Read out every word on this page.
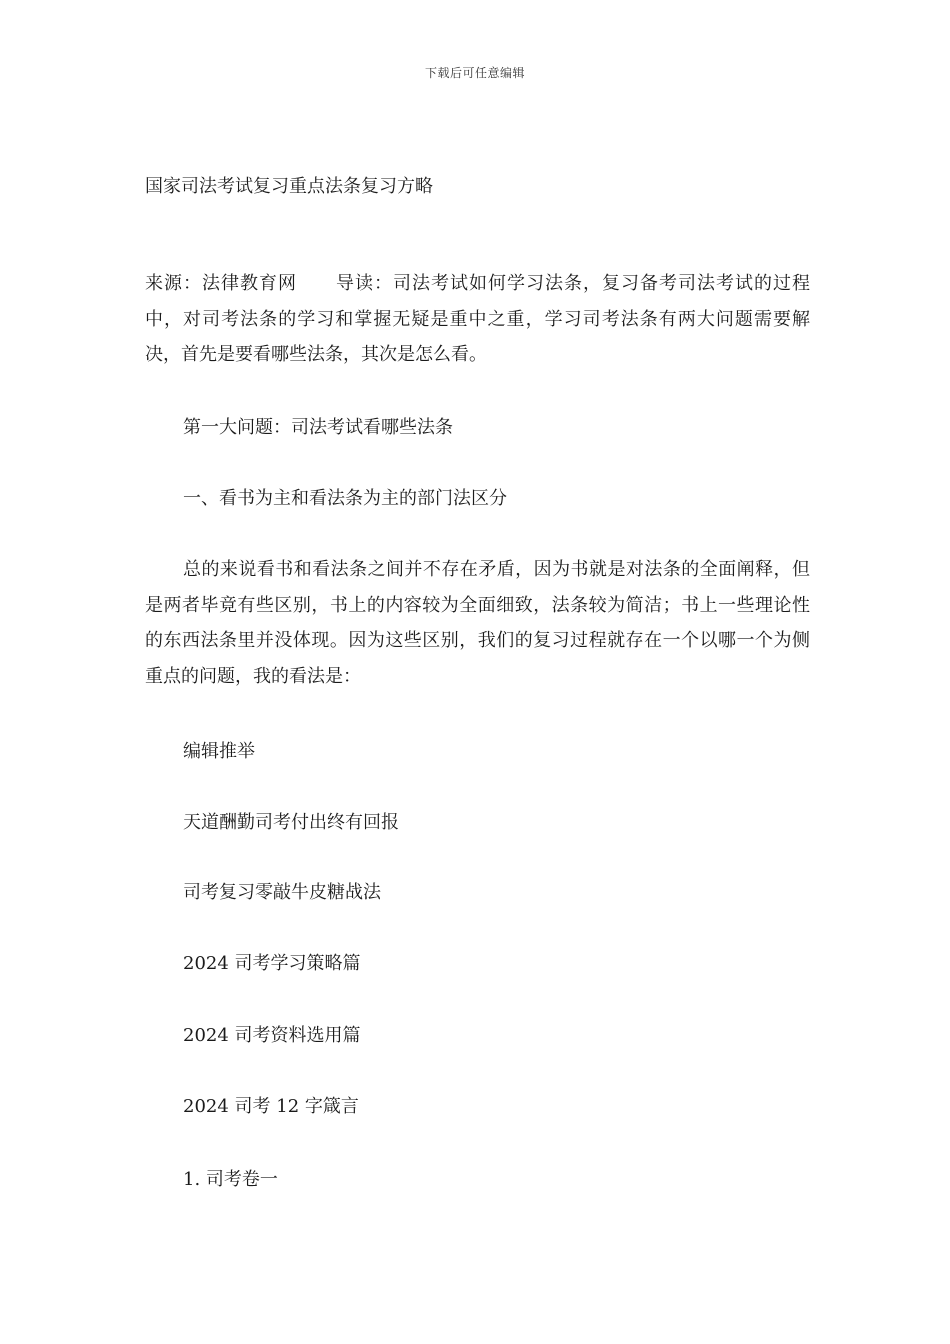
下载后可任意编辑
国家司法考试复习重点法条复习方略
来源：法律教育网 导读：司法考试如何学习法条，复习备考司法考试的过程中，对司考法条的学习和掌握无疑是重中之重，学习司考法条有两大问题需要解决，首先是要看哪些法条，其次是怎么看。
第一大问题：司法考试看哪些法条
一、看书为主和看法条为主的部门法区分
总的来说看书和看法条之间并不存在矛盾，因为书就是对法条的全面阐释，但是两者毕竟有些区别，书上的内容较为全面细致，法条较为简洁；书上一些理论性的东西法条里并没体现。因为这些区别，我们的复习过程就存在一个以哪一个为侧重点的问题，我的看法是：
编辑推举
天道酬勤司考付出终有回报
司考复习零敲牛皮糖战法
2024 司考学习策略篇
2024 司考资料选用篇
2024 司考 12 字箴言
1. 司考卷一
